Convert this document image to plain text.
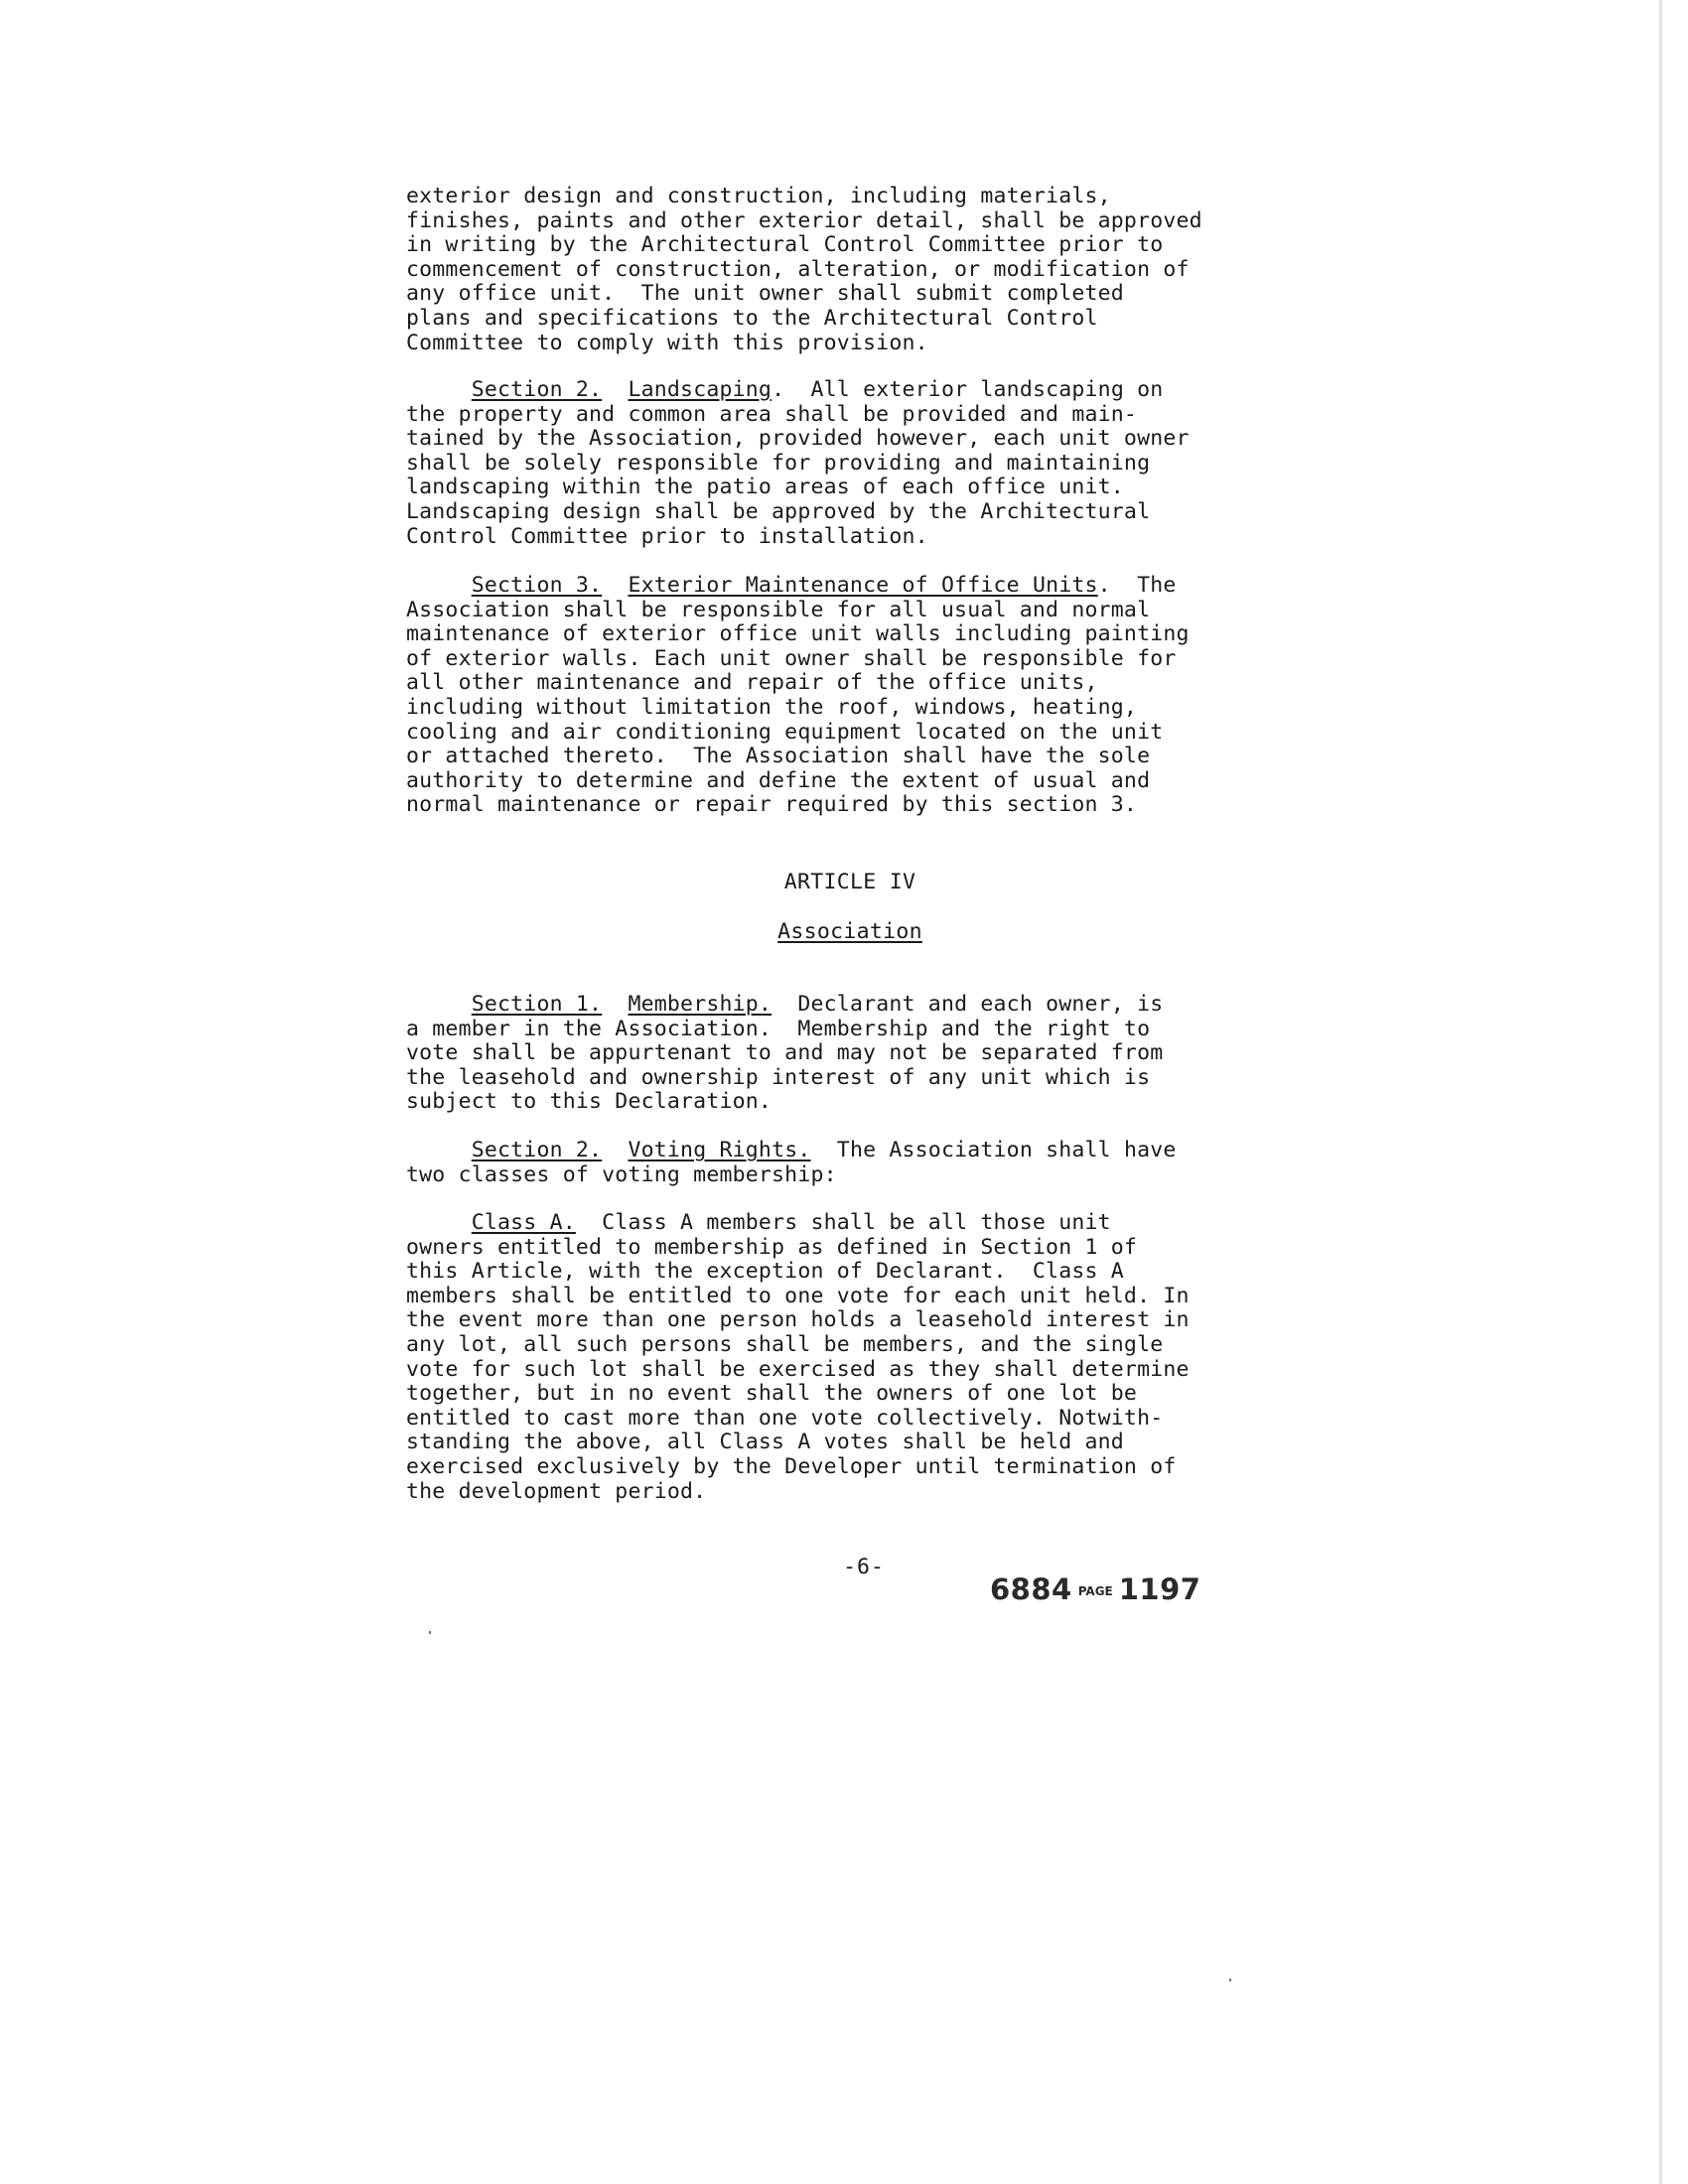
exterior design and construction, including materials,
finishes, paints and other exterior detail, shall be approved
in writing by the Architectural Control Committee prior to
commencement of construction, alteration, or modification of
any office unit.  The unit owner shall submit completed
plans and specifications to the Architectural Control
Committee to comply with this provision.
Section 2. Landscaping.  All exterior landscaping on
the property and common area shall be provided and main-
tained by the Association, provided however, each unit owner
shall be solely responsible for providing and maintaining
landscaping within the patio areas of each office unit.
Landscaping design shall be approved by the Architectural
Control Committee prior to installation.
Section 3. Exterior Maintenance of Office Units.  The
Association shall be responsible for all usual and normal
maintenance of exterior office unit walls including painting
of exterior walls. Each unit owner shall be responsible for
all other maintenance and repair of the office units,
including without limitation the roof, windows, heating,
cooling and air conditioning equipment located on the unit
or attached thereto.  The Association shall have the sole
authority to determine and define the extent of usual and
normal maintenance or repair required by this section 3.
ARTICLE IV
Association
Section 1. Membership.  Declarant and each owner, is
a member in the Association.  Membership and the right to
vote shall be appurtenant to and may not be separated from
the leasehold and ownership interest of any unit which is
subject to this Declaration.
Section 2. Voting Rights.  The Association shall have
two classes of voting membership:
Class A.  Class A members shall be all those unit
owners entitled to membership as defined in Section 1 of
this Article, with the exception of Declarant.  Class A
members shall be entitled to one vote for each unit held. In
the event more than one person holds a leasehold interest in
any lot, all such persons shall be members, and the single
vote for such lot shall be exercised as they shall determine
together, but in no event shall the owners of one lot be
entitled to cast more than one vote collectively. Notwith-
standing the above, all Class A votes shall be held and
exercised exclusively by the Developer until termination of
the development period.
-6-
6884 PAGE 1197
